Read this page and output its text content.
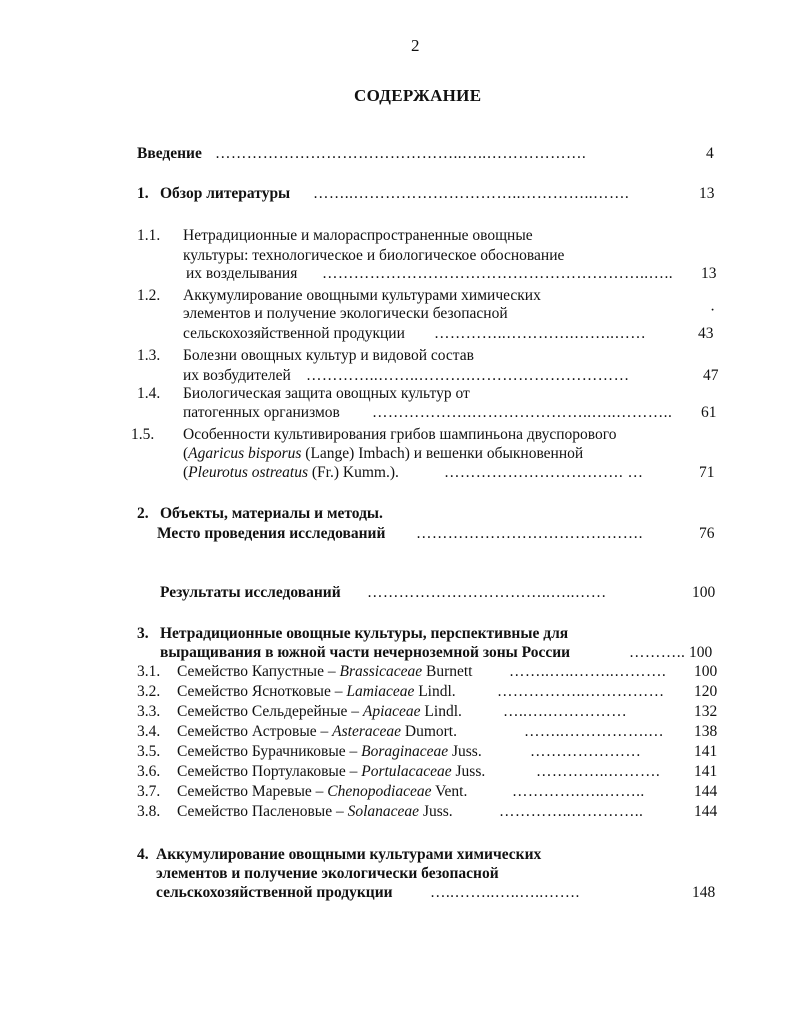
2
СОДЕРЖАНИЕ
Введение ………………………………………..…..……………….	4
1. Обзор литературы ……..…………………………..…………..…….	13
1.1. Нетрадиционные и малораспространенные овощные
культуры: технологическое и биологическое обоснование
их возделывания ……………………………………………………..….. 13
1.2. Аккумулирование овощными культурами химических
элементов и получение экологически безопасной	·
сельскохозяйственной продукции …………..………….……..……	43
1.3. Болезни овощных культур и видовой состав
их возбудителей …………..……..……….…………………………	47
1.4. Биологическая защита овощных культур от
патогенных организмов ……………….…………………..…..……….. 61
1.5. Особенности культивирования грибов шампиньона двуспорового
(Agaricus bisporus (Lange) Imbach) и вешенки обыкновенной
(Pleurotus ostreatus (Fr.) Kumm.).	……………………………. …	71
2. Объекты, материалы и методы.
Место проведения исследований …………………………………….	76
Результаты исследований ……………………………..…..……	100
3. Нетрадиционные овощные культуры, перспективные для
выращивания в южной части нечерноземной зоны России	……….. 100
3.1. Семейство Капустные – Brassicaceae Burnett ……..…..……..………. 100
3.2. Семейство Яснотковые – Lamiaceae Lindl.	……………..…………… 120
3.3. Семейство Сельдерейные – Apiaceae Lindl.	…..….……………	132
3.4. Семейство Астровые – Asteraceae Dumort.	……..…………….… 138
3.5. Семейство Бурачниковые – Boraginaceae Juss.	…………………	141
3.6. Семейство Портулаковые – Portulacaceae Juss.	…………..………. 141
3.7. Семейство Маревые – Chenopodiaceae Vent.	………….…..……..	144
3.8. Семейство Пасленовые – Solanaceae Juss.	…………..…………..	144
4. Аккумулирование овощными культурами химических
элементов и получение экологически безопасной
сельскохозяйственной продукции …..……..…..…..…….	148
